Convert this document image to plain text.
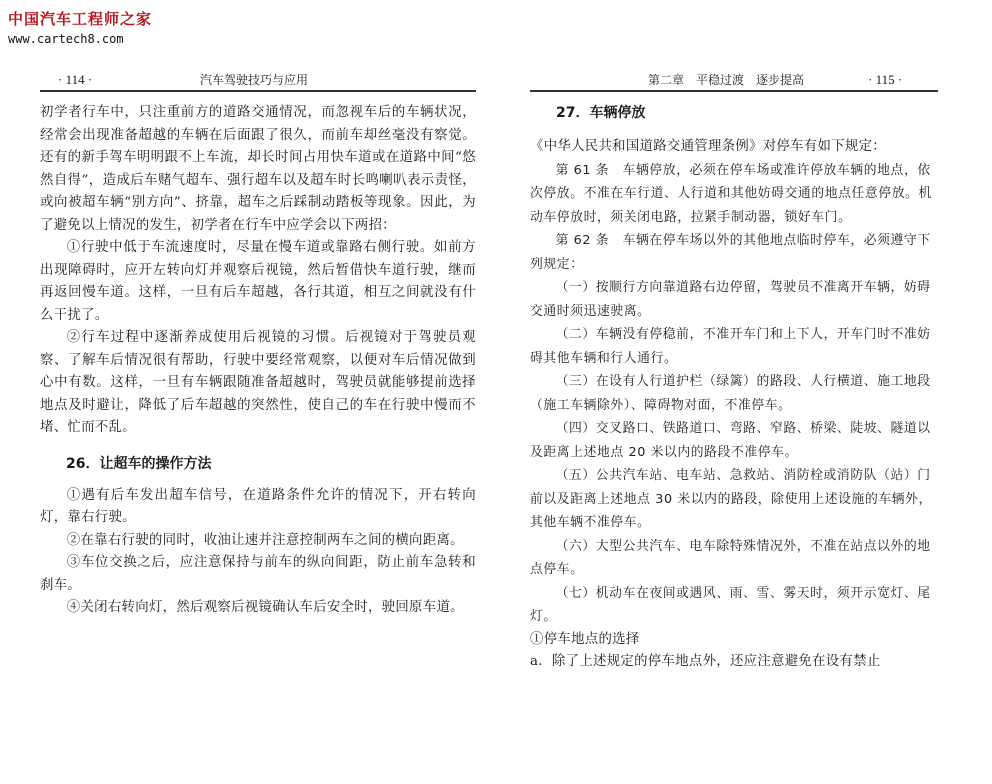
中国汽车工程师之家
www.cartech8.com
· 114 ·	汽车驾驶技巧与应用

初学者行车中，只注重前方的道路交通情况，而忽视车后的车辆状况，经常会出现准备超越的车辆在后面跟了很久，而前车却丝毫没有察觉。还有的新手驾车明明跟不上车流，却长时间占用快车道或在道路中间“悠然自得”，造成后车赌气超车、强行超车以及超车时长鸣喇叭表示责怪，或向被超车辆“别方向”、挤靠，超车之后踩制动踏板等现象。因此，为了避免以上情况的发生，初学者在行车中应学会以下两招：

①行驶中低于车流速度时，尽量在慢车道或靠路右侧行驶。如前方出现障碍时，应开左转向灯并观察后视镜，然后暂借快车道行驶，继而再返回慢车道。这样，一旦有后车超越，各行其道，相互之间就没有什么干扰了。

②行车过程中逐渐养成使用后视镜的习惯。后视镜对于驾驶员观察、了解车后情况很有帮助，行驶中要经常观察，以便对车后情况做到心中有数。这样，一旦有车辆跟随准备超越时，驾驶员就能够提前选择地点及时避让，降低了后车超越的突然性，使自己的车在行驶中慢而不堵、忙而不乱。

26．让超车的操作方法

①遇有后车发出超车信号，在道路条件允许的情况下，开右转向灯，靠右行驶。

②在靠右行驶的同时，收油让速并注意控制两车之间的横向距离。

③车位交换之后，应注意保持与前车的纵向间距，防止前车急转和刹车。

④关闭右转向灯，然后观察后视镜确认车后安全时，驶回原车道。

第二章　平稳过渡　逐步提高	· 115 ·
27．车辆停放

《中华人民共和国道路交通管理条例》对停车有如下规定：

第 61 条　车辆停放，必须在停车场或准许停放车辆的地点，依次停放。不准在车行道、人行道和其他妨碍交通的地点任意停放。机动车停放时，须关闭电路，拉紧手制动器，锁好车门。

第 62 条　车辆在停车场以外的其他地点临时停车，必须遵守下列规定：

（一）按顺行方向靠道路右边停留，驾驶员不准离开车辆，妨碍交通时须迅速驶离。

（二）车辆没有停稳前，不准开车门和上下人，开车门时不准妨碍其他车辆和行人通行。

（三）在设有人行道护栏（绿篱）的路段、人行横道、施工地段（施工车辆除外）、障碍物对面，不准停车。

（四）交叉路口、铁路道口、弯路、窄路、桥梁、陡坡、隧道以及距离上述地点 20 米以内的路段不准停车。

（五）公共汽车站、电车站、急救站、消防栓或消防队（站）门前以及距离上述地点 30 米以内的路段，除使用上述设施的车辆外，其他车辆不准停车。

（六）大型公共汽车、电车除特殊情况外，不准在站点以外的地点停车。

（七）机动车在夜间或遇风、雨、雪、雾天时，须开示宽灯、尾灯。

①停车地点的选择

a．除了上述规定的停车地点外，还应注意避免在设有禁止
